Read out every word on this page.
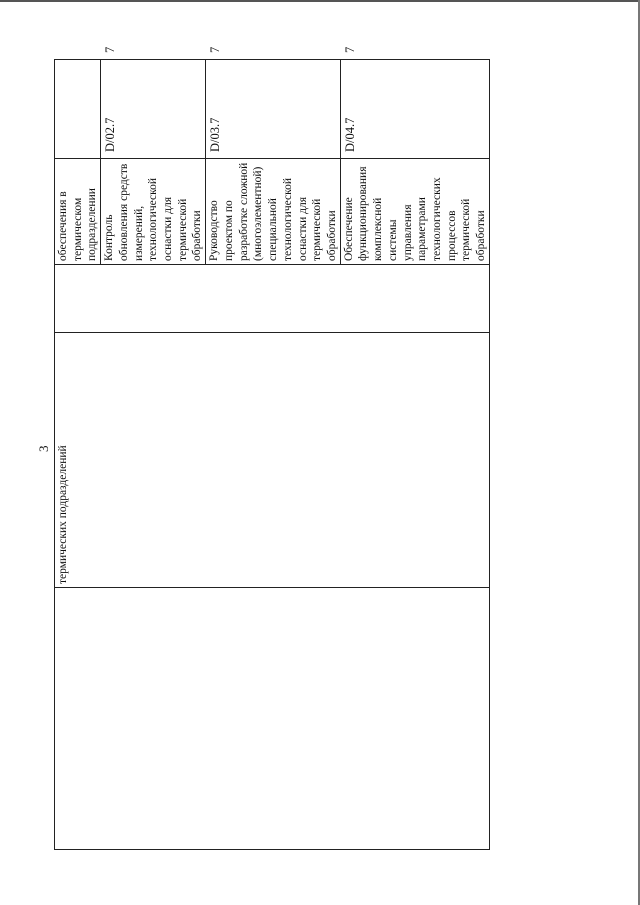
3
	термических подразделений		обеспечения в термическом подразделении		
			Контроль обновления средств измерений, технологической оснастки для термической обработки	D/02.7	7
			Руководство проектом по разработке сложной (многоэлементной) специальной технологической оснастки для термической обработки	D/03.7	7
			Обеспечение функционирования комплексной системы управления параметрами технологических процессов термической обработки	D/04.7	7
